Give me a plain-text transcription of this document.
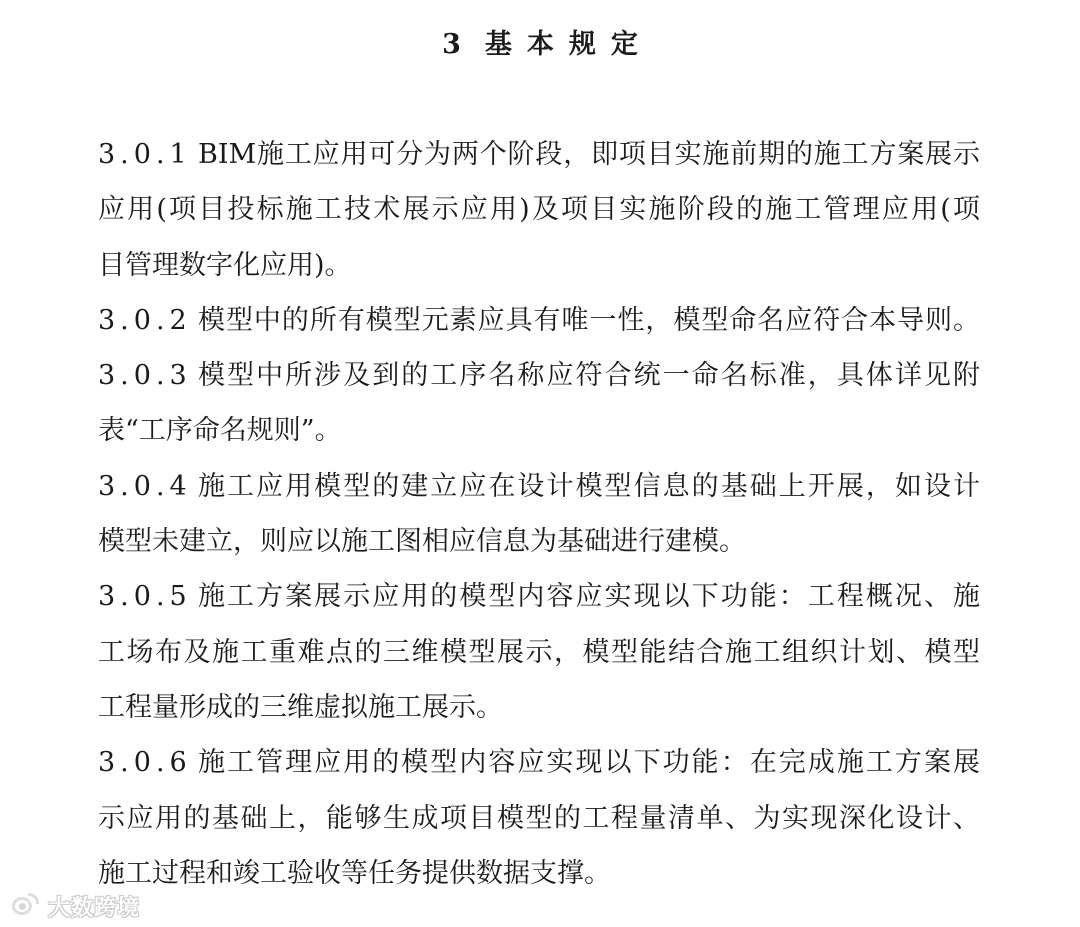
3 基本规定
3.0.1 BIM施工应用可分为两个阶段，即项目实施前期的施工方案展示
应用(项目投标施工技术展示应用)及项目实施阶段的施工管理应用(项
目管理数字化应用)。
3.0.2 模型中的所有模型元素应具有唯一性，模型命名应符合本导则。
3.0.3 模型中所涉及到的工序名称应符合统一命名标准，具体详见附
表“工序命名规则”。
3.0.4 施工应用模型的建立应在设计模型信息的基础上开展，如设计
模型未建立，则应以施工图相应信息为基础进行建模。
3.0.5 施工方案展示应用的模型内容应实现以下功能：工程概况、施
工场布及施工重难点的三维模型展示，模型能结合施工组织计划、模型
工程量形成的三维虚拟施工展示。
3.0.6 施工管理应用的模型内容应实现以下功能：在完成施工方案展
示应用的基础上，能够生成项目模型的工程量清单、为实现深化设计、
施工过程和竣工验收等任务提供数据支撑。
大数跨境
